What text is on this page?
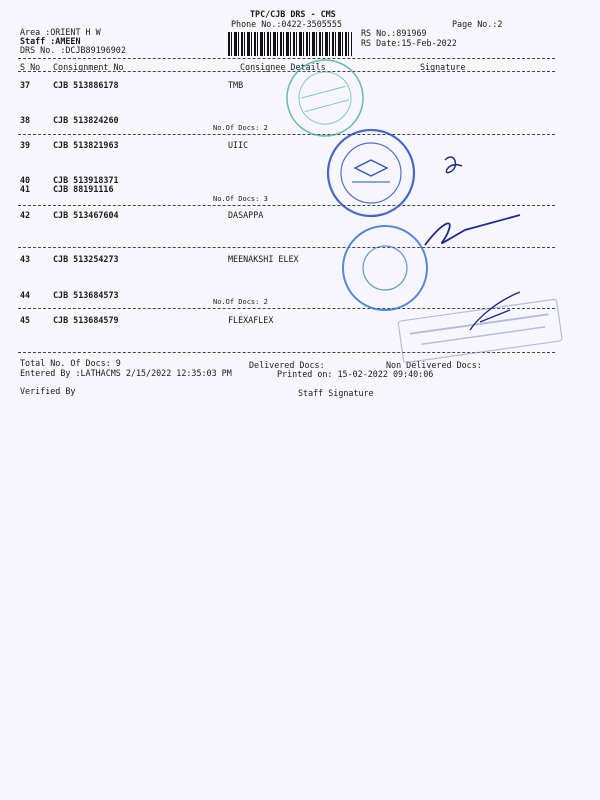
TPC/CJB DRS - CMS
Phone No.:0422-3505555	Page No.:2
Area :ORIENT H W
Staff :AMEEN
DRS No. :DCJB89196902
RS No.:891969
RS Date:15-Feb-2022
S No Consignment No	Consignee Details	Signature
37	CJB 513886178	TMB
38	CJB 513824260
No.Of Docs: 2
39	CJB 513821963	UIIC
40	CJB 513918371
41	CJB 88191116
No.Of Docs: 3
42	CJB 513467604	DASAPPA
43	CJB 513254273	MEENAKSHI ELEX
44	CJB 513684573
No.Of Docs: 2
45	CJB 513684579	FLEXAFLEX
Total No. Of Docs: 9	Delivered Docs:	Non Delivered Docs:
Entered By :LATHACMS 2/15/2022 12:35:03 PM	Printed on: 15-02-2022 09:40:06
Verified By	Staff Signature
